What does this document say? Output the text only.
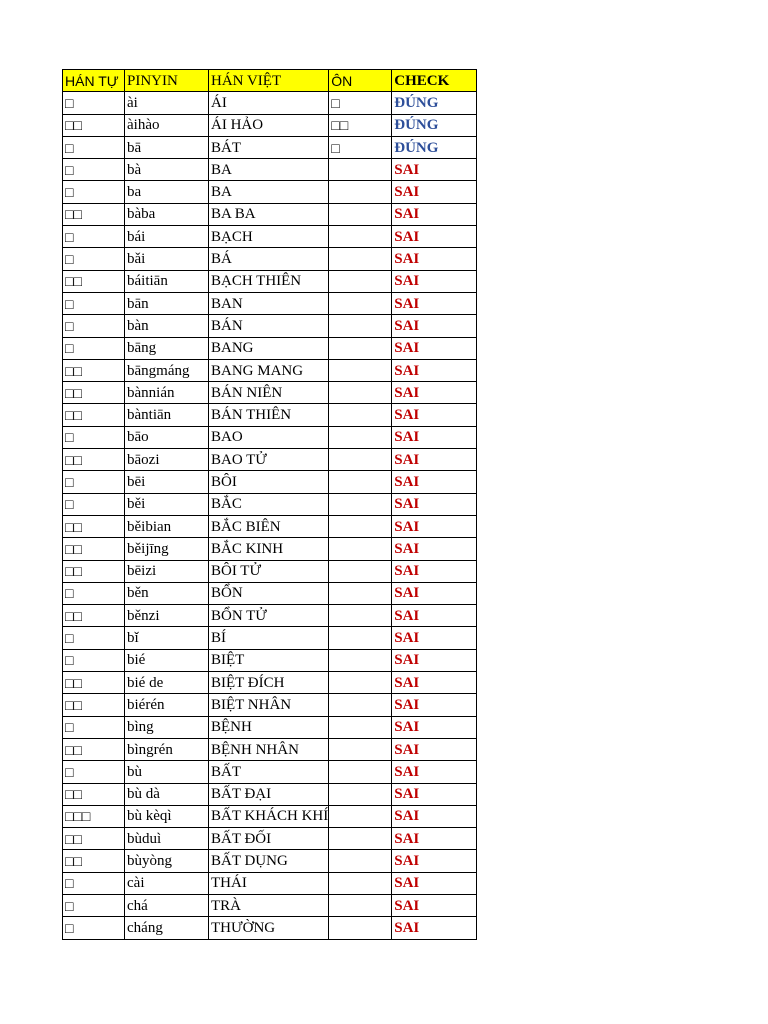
HÁN TỰ	PINYIN	HÁN VIỆT	ÔN	CHECK
□	ài	ÁI	□	ĐÚNG
□□	àihào	ÁI HẢO	□□	ĐÚNG
□	bā	BÁT	□	ĐÚNG
□	bà	BA		SAI
□	ba	BA		SAI
□□	bàba	BA BA		SAI
□	bái	BẠCH		SAI
□	bǎi	BÁ		SAI
□□	báitiān	BẠCH THIÊN		SAI
□	bān	BAN		SAI
□	bàn	BÁN		SAI
□	bāng	BANG		SAI
□□	bāngmáng	BANG MANG		SAI
□□	bànnián	BÁN NIÊN		SAI
□□	bàntiān	BÁN THIÊN		SAI
□	bāo	BAO		SAI
□□	bāozi	BAO TỬ		SAI
□	bēi	BÔI		SAI
□	běi	BẮC		SAI
□□	běibian	BẮC BIÊN		SAI
□□	běijīng	BẮC KINH		SAI
□□	bēizi	BÔI TỬ		SAI
□	běn	BỔN		SAI
□□	běnzi	BỔN TỬ		SAI
□	bǐ	BÍ		SAI
□	bié	BIỆT		SAI
□□	bié de	BIỆT ĐÍCH		SAI
□□	biérén	BIỆT NHÂN		SAI
□	bìng	BỆNH		SAI
□□	bìngrén	BỆNH NHÂN		SAI
□	bù	BẤT		SAI
□□	bù dà	BẤT ĐẠI		SAI
□□□	bù kèqì	BẤT KHÁCH KHÍ		SAI
□□	bùduì	BẤT ĐỐI		SAI
□□	bùyòng	BẤT DỤNG		SAI
□	cài	THÁI		SAI
□	chá	TRÀ		SAI
□	cháng	THƯỜNG		SAI
